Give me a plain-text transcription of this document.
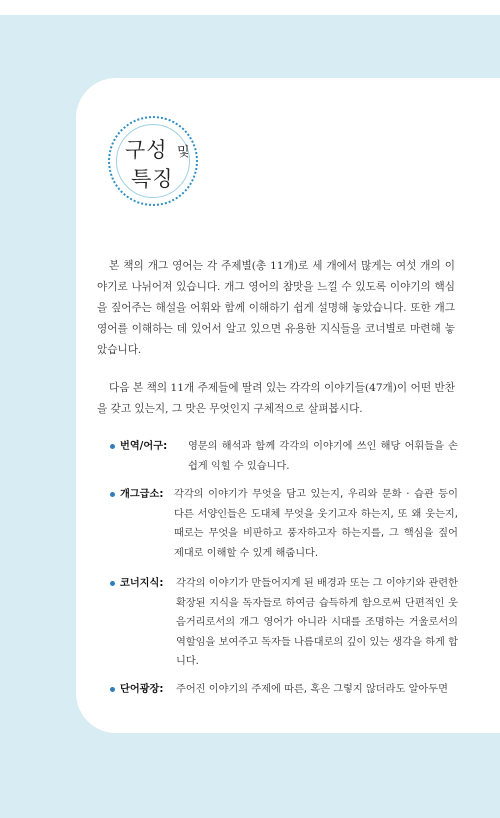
구성 및
특징

본 책의 개그 영어는 각 주제별(총 11개)로 세 개에서 많게는 여섯 개의 이야기로 나뉘어져 있습니다. 개그 영어의 참맛을 느낄 수 있도록 이야기의 핵심을 짚어주는 해설을 어휘와 함께 이해하기 쉽게 설명해 놓았습니다. 또한 개그 영어를 이해하는 데 있어서 알고 있으면 유용한 지식들을 코너별로 마련해 놓았습니다.

다음 본 책의 11개 주제들에 딸려 있는 각각의 이야기들(47개)이 어떤 반찬을 갖고 있는지, 그 맛은 무엇인지 구체적으로 살펴봅시다.

번역/어구: 영문의 해석과 함께 각각의 이야기에 쓰인 해당 어휘들을 손쉽게 익힐 수 있습니다.
개그급소: 각각의 이야기가 무엇을 담고 있는지, 우리와 문화 · 습관 등이 다른 서양인들은 도대체 무엇을 웃기고자 하는지, 또 왜 웃는지, 때로는 무엇을 비판하고 풍자하고자 하는지를, 그 핵심을 짚어 제대로 이해할 수 있게 해줍니다.
코너지식: 각각의 이야기가 만들어지게 된 배경과 또는 그 이야기와 관련한 확장된 지식을 독자들로 하여금 습득하게 함으로써 단편적인 웃음거리로서의 개그 영어가 아니라 시대를 조명하는 거울로서의 역할임을 보여주고 독자들 나름대로의 깊이 있는 생각을 하게 합니다.
단어광장: 주어진 이야기의 주제에 따른, 혹은 그렇지 않더라도 알아두면
